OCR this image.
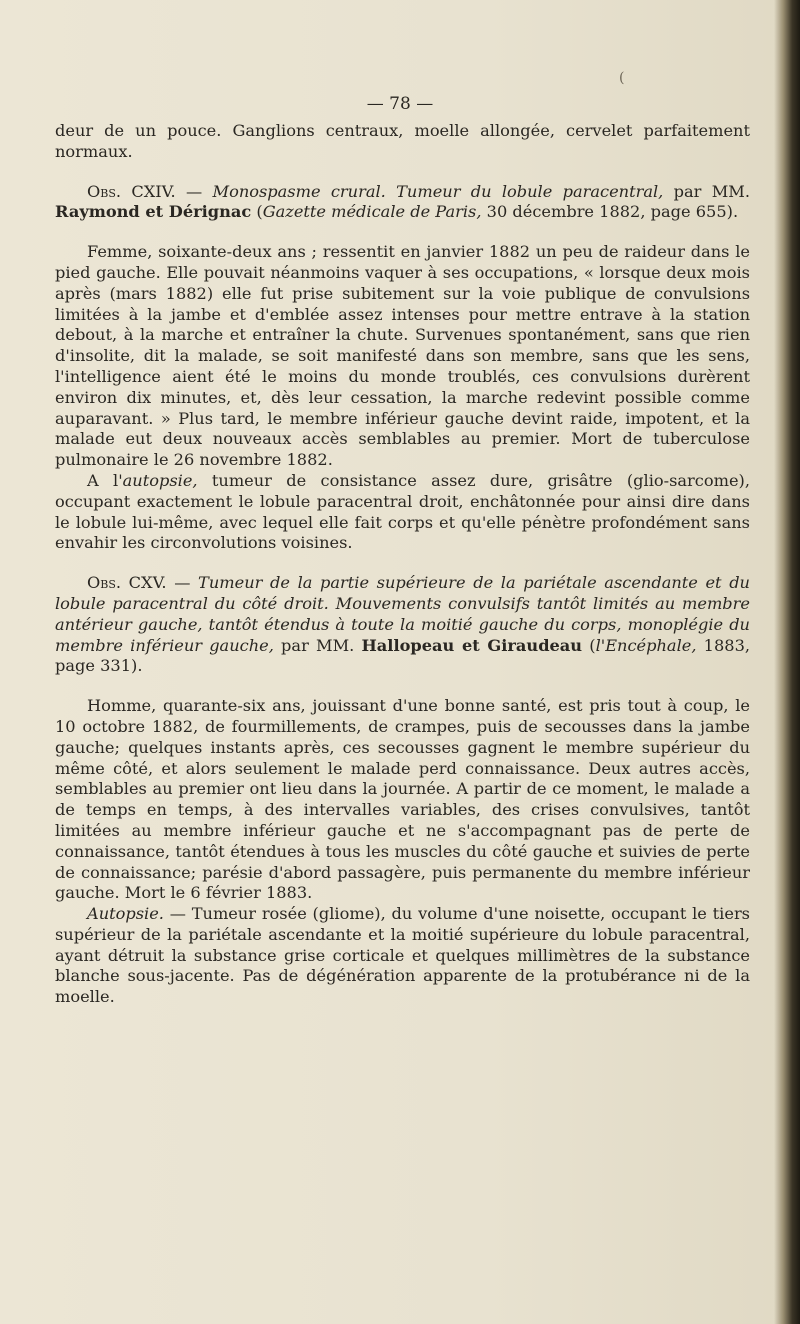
(
— 78 —

deur de un pouce. Ganglions centraux, moelle allongée, cervelet parfaitement normaux.

Obs. CXIV. — Monospasme crural. Tumeur du lobule paracentral, par MM. Raymond et Dérignac (Gazette médicale de Paris, 30 décembre 1882, page 655).

Femme, soixante-deux ans ; ressentit en janvier 1882 un peu de raideur dans le pied gauche. Elle pouvait néanmoins vaquer à ses occupations, « lorsque deux mois après (mars 1882) elle fut prise subitement sur la voie publique de convulsions limitées à la jambe et d'emblée assez intenses pour mettre entrave à la station debout, à la marche et entraîner la chute. Survenues spontanément, sans que rien d'insolite, dit la malade, se soit manifesté dans son membre, sans que les sens, l'intelligence aient été le moins du monde troublés, ces convulsions durèrent environ dix minutes, et, dès leur cessation, la marche redevint possible comme auparavant. » Plus tard, le membre inférieur gauche devint raide, impotent, et la malade eut deux nouveaux accès semblables au premier. Mort de tuberculose pulmonaire le 26 novembre 1882.

A l'autopsie, tumeur de consistance assez dure, grisâtre (glio-sarcome), occupant exactement le lobule paracentral droit, enchâtonnée pour ainsi dire dans le lobule lui-même, avec lequel elle fait corps et qu'elle pénètre profondément sans envahir les circonvolutions voisines.

Obs. CXV. — Tumeur de la partie supérieure de la pariétale ascendante et du lobule paracentral du côté droit. Mouvements convulsifs tantôt limités au membre antérieur gauche, tantôt étendus à toute la moitié gauche du corps, monoplégie du membre inférieur gauche, par MM. Hallopeau et Giraudeau (l'Encéphale, 1883, page 331).

Homme, quarante-six ans, jouissant d'une bonne santé, est pris tout à coup, le 10 octobre 1882, de fourmillements, de crampes, puis de secousses dans la jambe gauche; quelques instants après, ces secousses gagnent le membre supérieur du même côté, et alors seulement le malade perd connaissance. Deux autres accès, semblables au premier ont lieu dans la journée. A partir de ce moment, le malade a de temps en temps, à des intervalles variables, des crises convulsives, tantôt limitées au membre inférieur gauche et ne s'accompagnant pas de perte de connaissance, tantôt étendues à tous les muscles du côté gauche et suivies de perte de connaissance; parésie d'abord passagère, puis permanente du membre inférieur gauche. Mort le 6 février 1883.

Autopsie. — Tumeur rosée (gliome), du volume d'une noisette, occupant le tiers supérieur de la pariétale ascendante et la moitié supérieure du lobule paracentral, ayant détruit la substance grise corticale et quelques millimètres de la substance blanche sous-jacente. Pas de dégénération apparente de la protubérance ni de la moelle.
